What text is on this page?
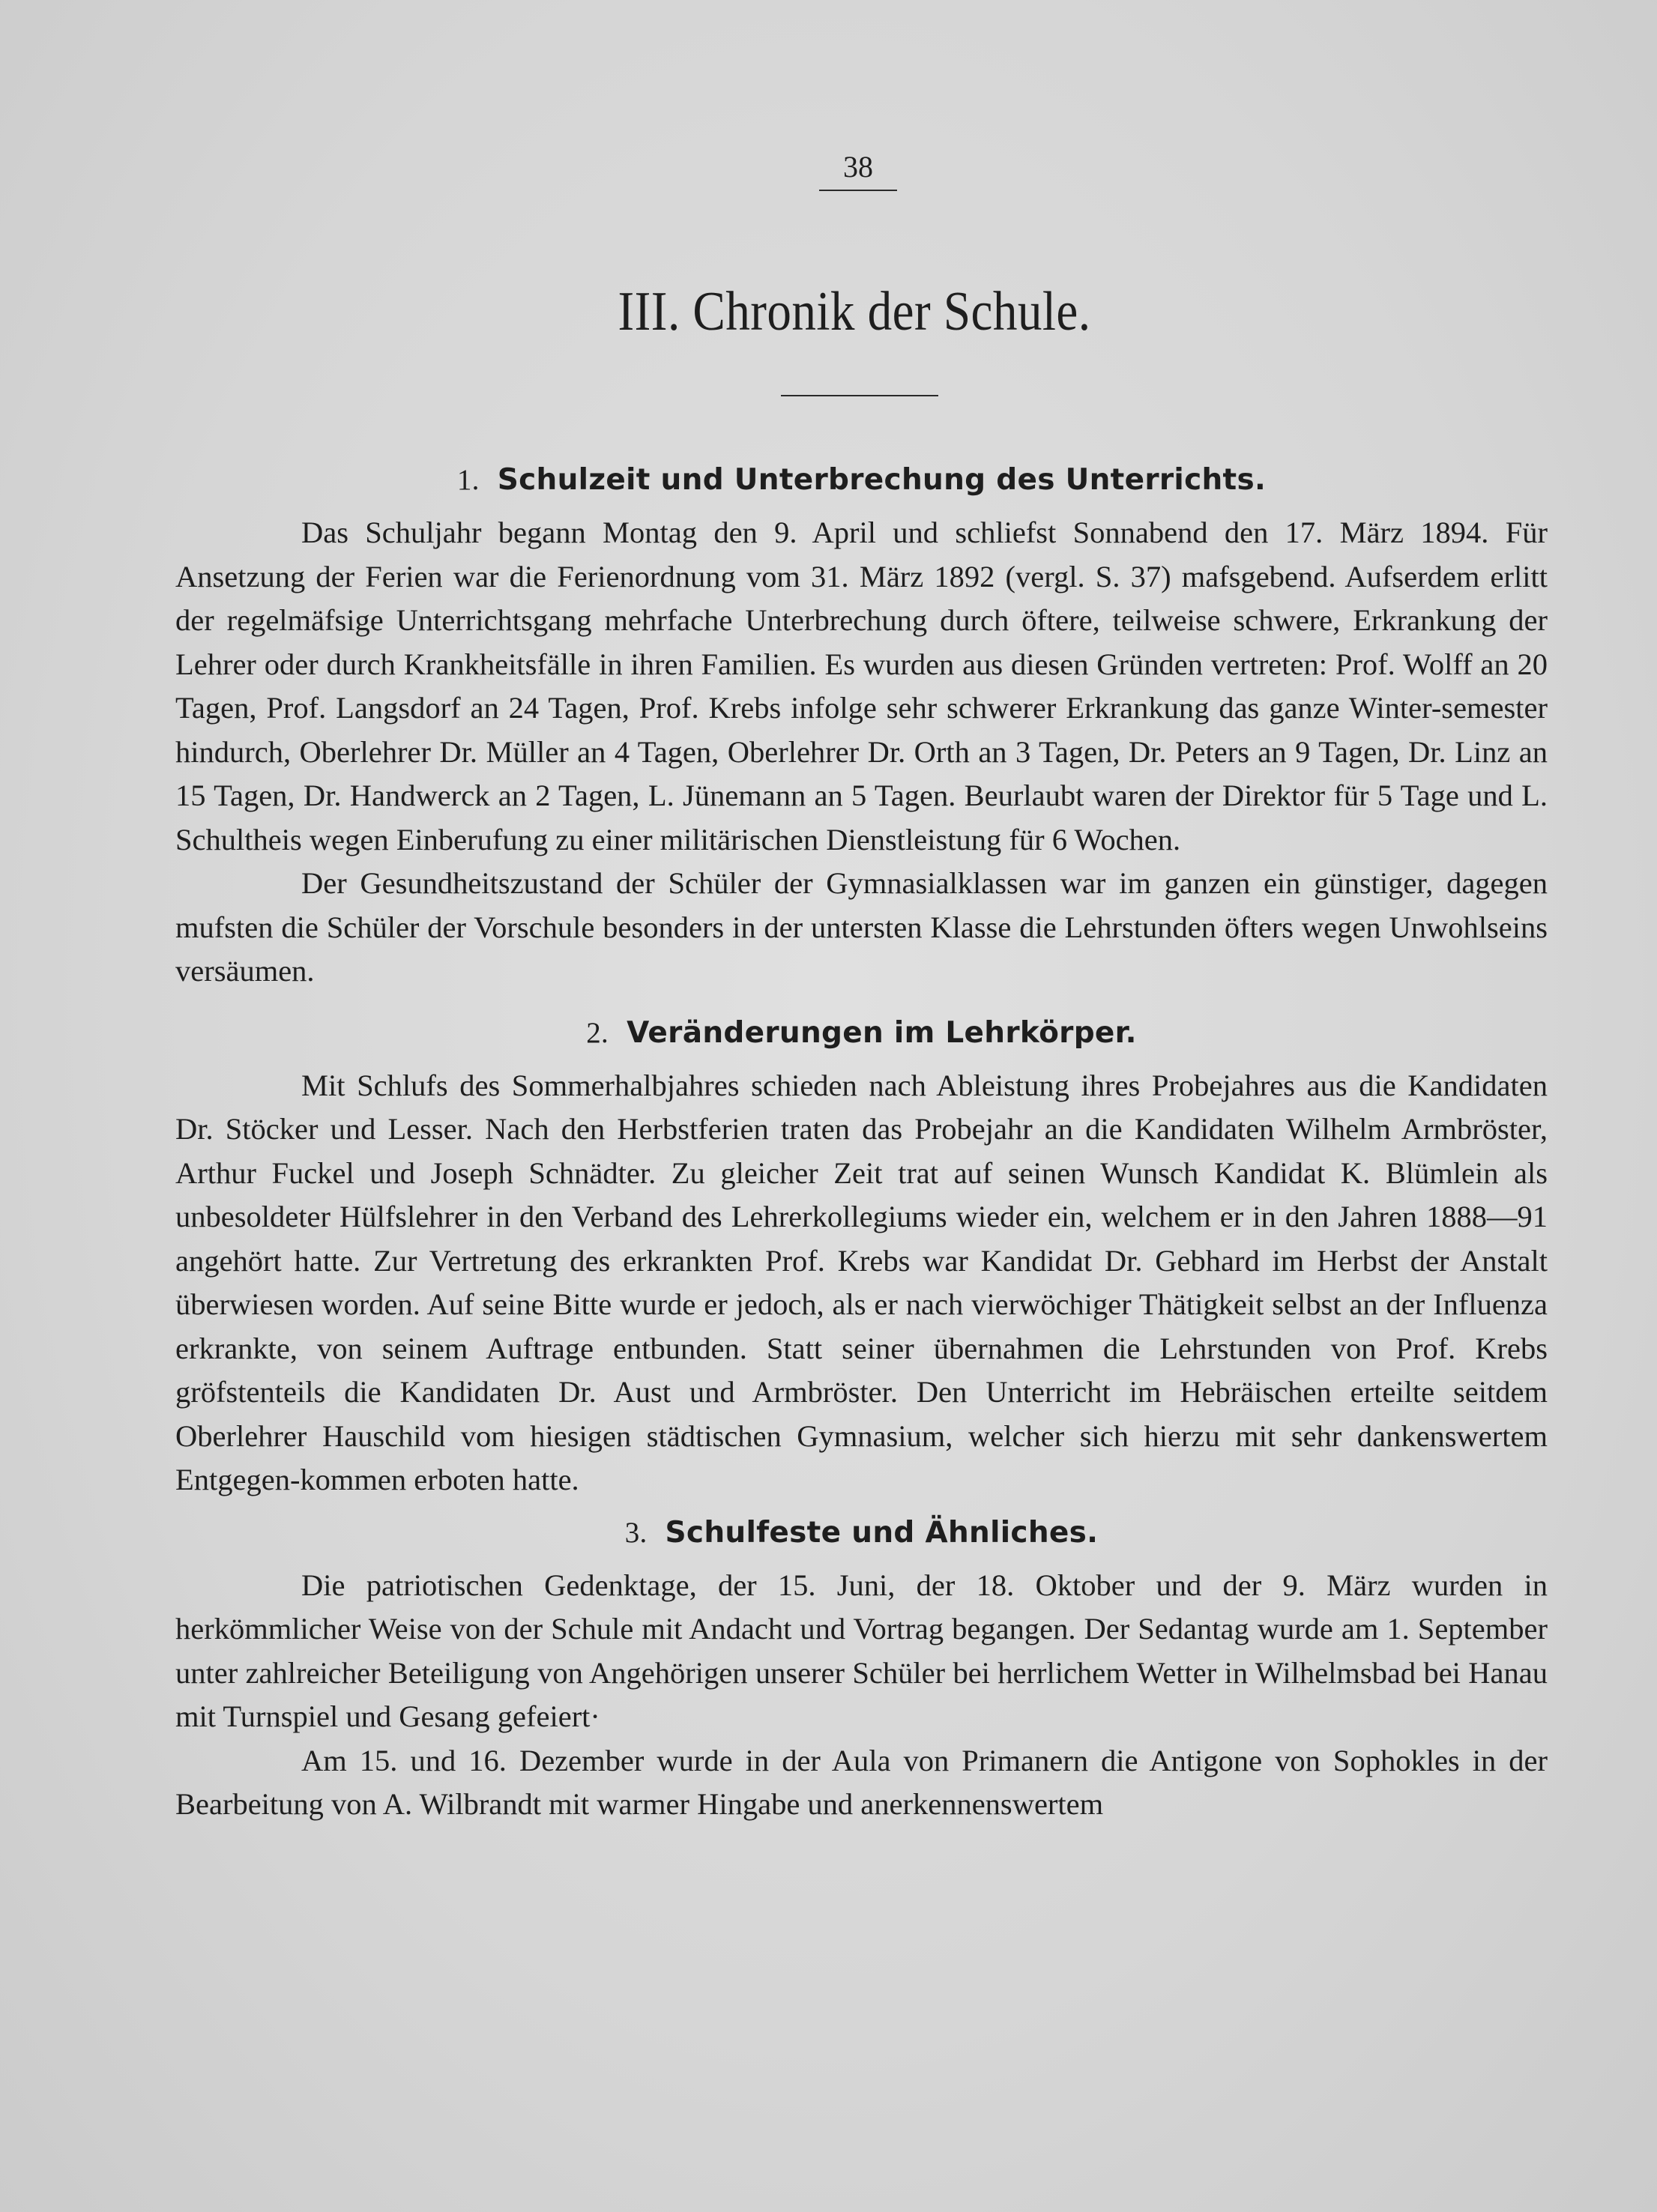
38
III. Chronik der Schule.
1. Schulzeit und Unterbrechung des Unterrichts.

Das Schuljahr begann Montag den 9. April und schliefst Sonnabend den 17. März 1894. Für Ansetzung der Ferien war die Ferienordnung vom 31. März 1892 (vergl. S. 37) mafsgebend. Aufserdem erlitt der regelmäfsige Unterrichtsgang mehrfache Unterbrechung durch öftere, teilweise schwere, Erkrankung der Lehrer oder durch Krankheitsfälle in ihren Familien. Es wurden aus diesen Gründen vertreten: Prof. Wolff an 20 Tagen, Prof. Langsdorf an 24 Tagen, Prof. Krebs infolge sehr schwerer Erkrankung das ganze Winter-semester hindurch, Oberlehrer Dr. Müller an 4 Tagen, Oberlehrer Dr. Orth an 3 Tagen, Dr. Peters an 9 Tagen, Dr. Linz an 15 Tagen, Dr. Handwerck an 2 Tagen, L. Jünemann an 5 Tagen. Beurlaubt waren der Direktor für 5 Tage und L. Schultheis wegen Einberufung zu einer militärischen Dienstleistung für 6 Wochen.

Der Gesundheitszustand der Schüler der Gymnasialklassen war im ganzen ein günstiger, dagegen mufsten die Schüler der Vorschule besonders in der untersten Klasse die Lehrstunden öfters wegen Unwohlseins versäumen.

2. Veränderungen im Lehrkörper.

Mit Schlufs des Sommerhalbjahres schieden nach Ableistung ihres Probejahres aus die Kandidaten Dr. Stöcker und Lesser. Nach den Herbstferien traten das Probejahr an die Kandidaten Wilhelm Armbröster, Arthur Fuckel und Joseph Schnädter. Zu gleicher Zeit trat auf seinen Wunsch Kandidat K. Blümlein als unbesoldeter Hülfslehrer in den Verband des Lehrerkollegiums wieder ein, welchem er in den Jahren 1888—91 angehört hatte. Zur Vertretung des erkrankten Prof. Krebs war Kandidat Dr. Gebhard im Herbst der Anstalt überwiesen worden. Auf seine Bitte wurde er jedoch, als er nach vierwöchiger Thätigkeit selbst an der Influenza erkrankte, von seinem Auftrage entbunden. Statt seiner übernahmen die Lehrstunden von Prof. Krebs gröfstenteils die Kandidaten Dr. Aust und Armbröster. Den Unterricht im Hebräischen erteilte seitdem Oberlehrer Hauschild vom hiesigen städtischen Gymnasium, welcher sich hierzu mit sehr dankenswertem Entgegen-kommen erboten hatte.

3. Schulfeste und Ähnliches.

Die patriotischen Gedenktage, der 15. Juni, der 18. Oktober und der 9. März wurden in herkömmlicher Weise von der Schule mit Andacht und Vortrag begangen. Der Sedantag wurde am 1. September unter zahlreicher Beteiligung von Angehörigen unserer Schüler bei herrlichem Wetter in Wilhelmsbad bei Hanau mit Turnspiel und Gesang gefeiert·

Am 15. und 16. Dezember wurde in der Aula von Primanern die Antigone von Sophokles in der Bearbeitung von A. Wilbrandt mit warmer Hingabe und anerkennenswertem
